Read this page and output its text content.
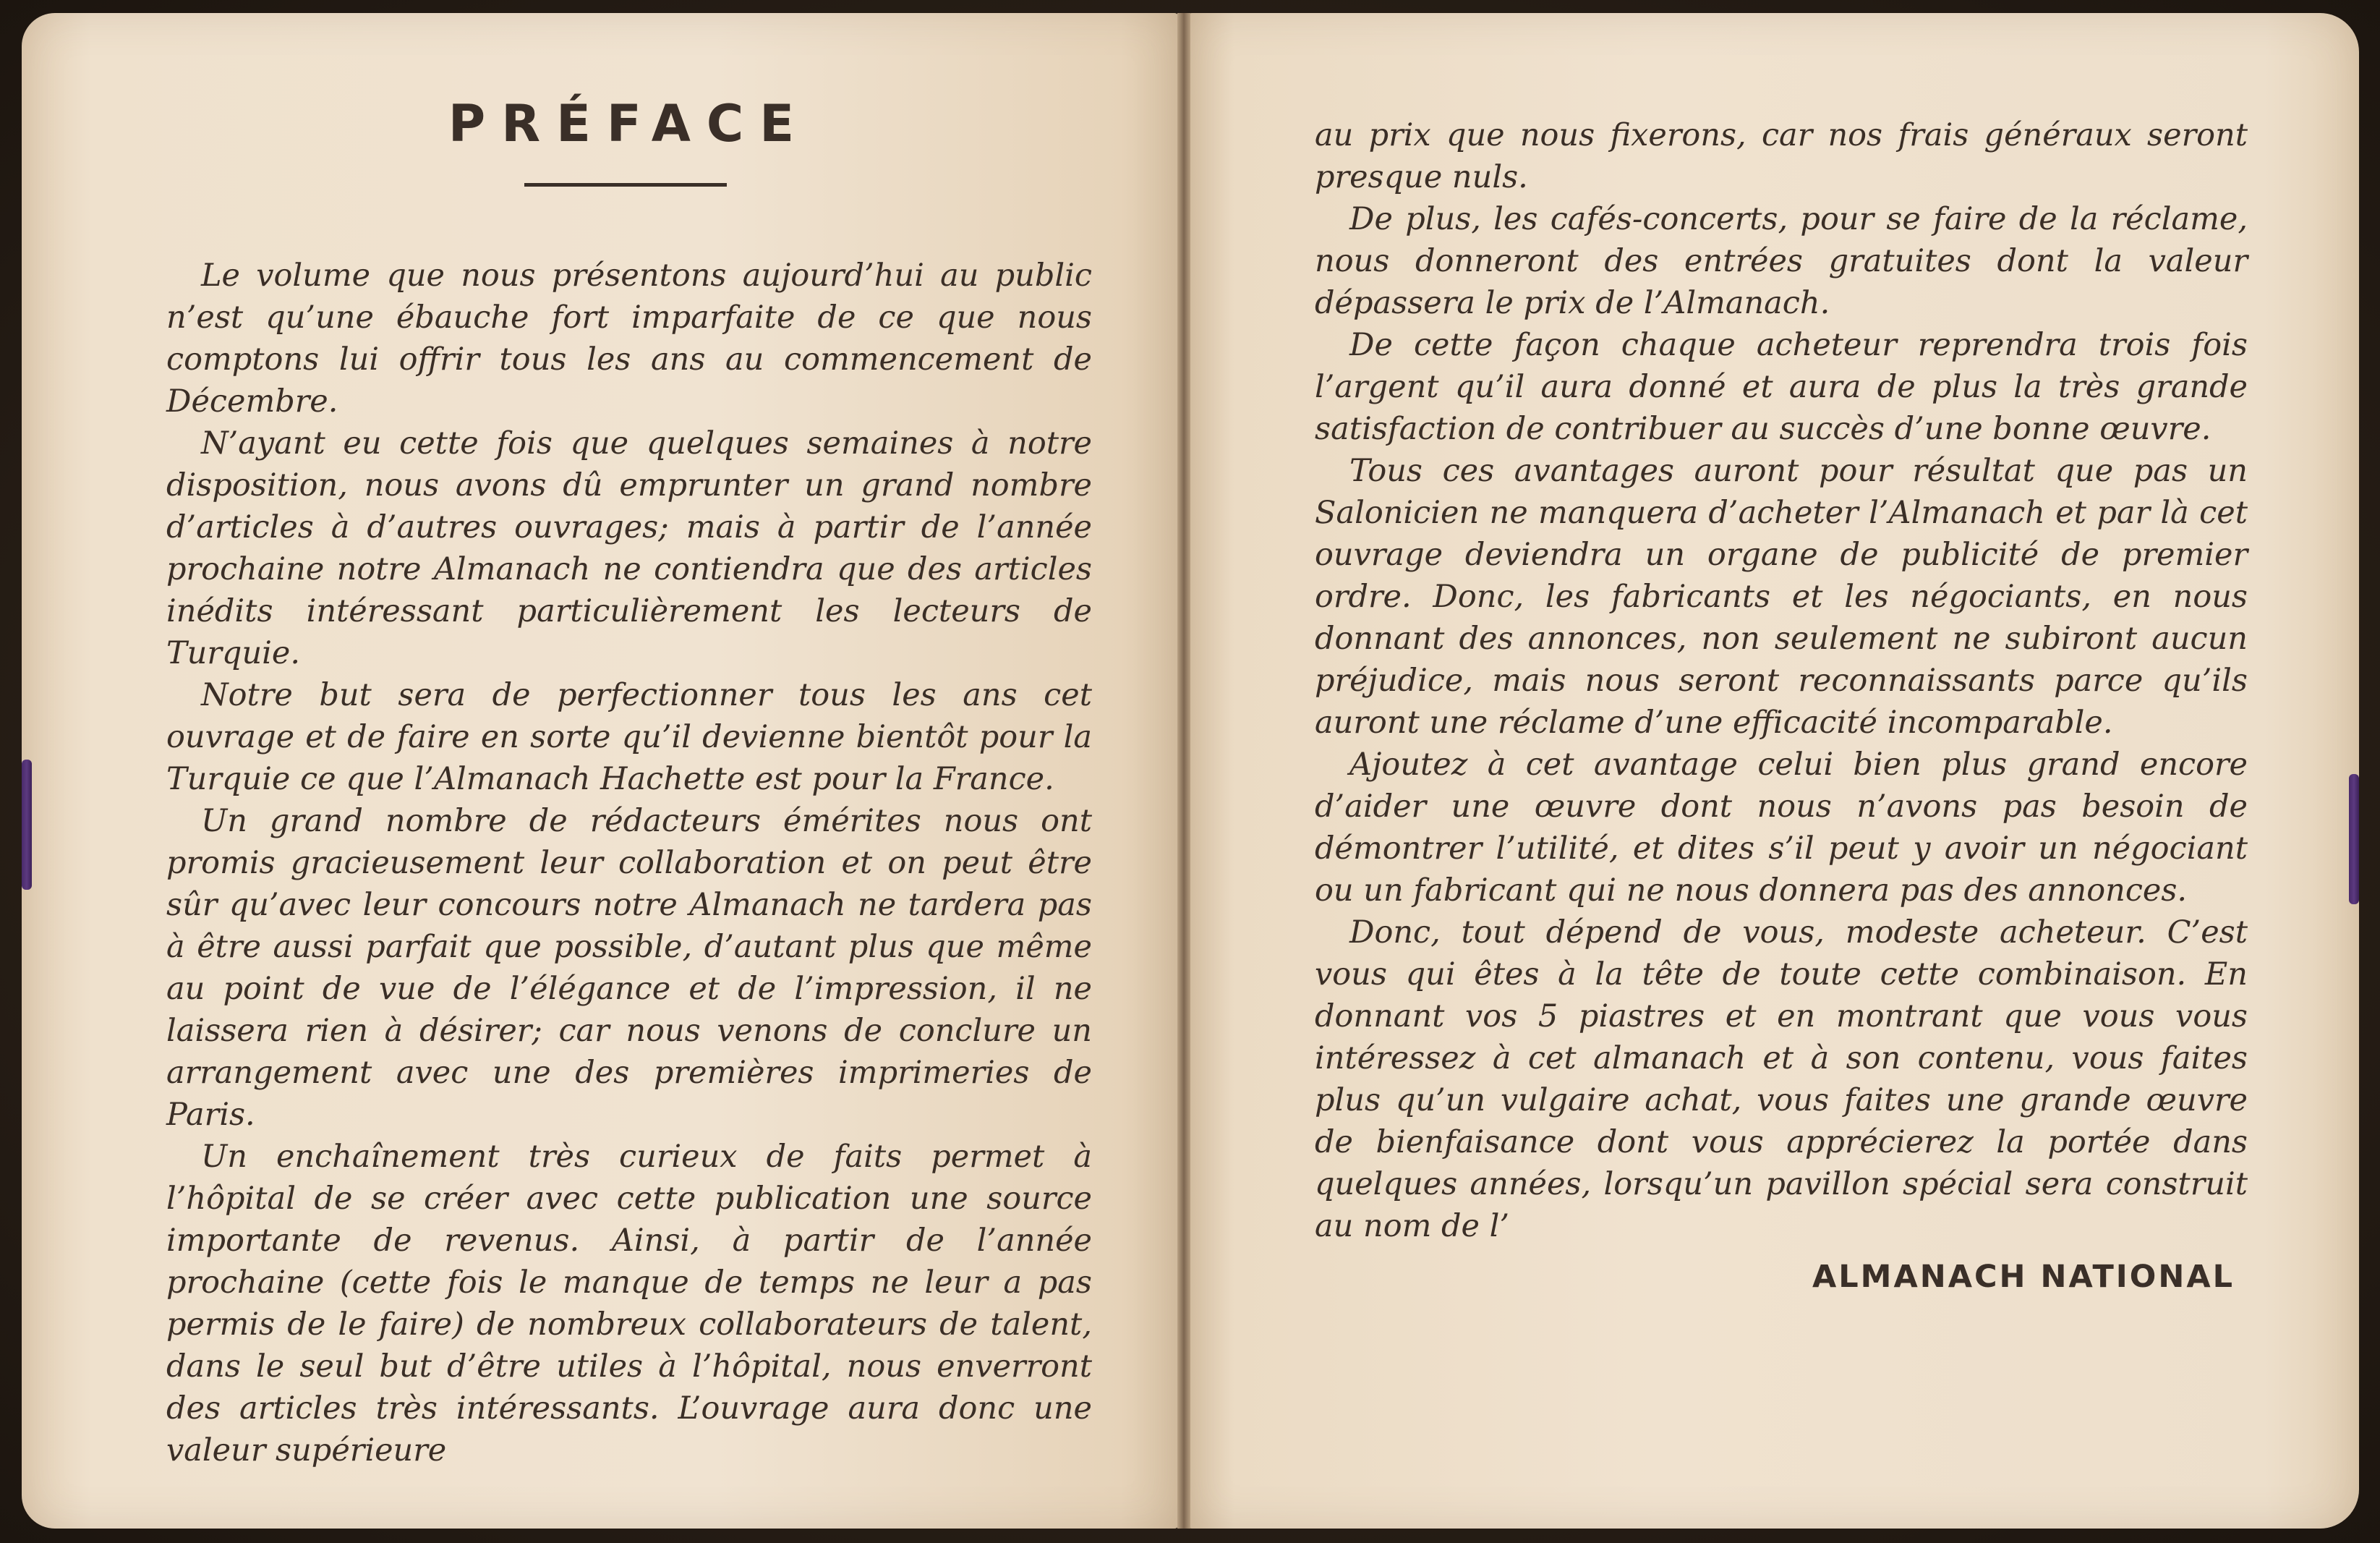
PRÉFACE

Le volume que nous présentons aujourd’hui au public n’est qu’une ébauche fort imparfaite de ce que nous comptons lui offrir tous les ans au commencement de Décembre.

N’ayant eu cette fois que quelques semaines à notre disposition, nous avons dû emprunter un grand nombre d’articles à d’autres ouvrages; mais à partir de l’année prochaine notre Almanach ne contiendra que des articles inédits intéressant particulièrement les lecteurs de Turquie.

Notre but sera de perfectionner tous les ans cet ouvrage et de faire en sorte qu’il devienne bientôt pour la Turquie ce que l’Almanach Hachette est pour la France.

Un grand nombre de rédacteurs émérites nous ont promis gracieusement leur collaboration et on peut être sûr qu’avec leur concours notre Almanach ne tardera pas à être aussi parfait que possible, d’autant plus que même au point de vue de l’élégance et de l’impression, il ne laissera rien à désirer; car nous venons de conclure un arrangement avec une des premières imprimeries de Paris.

Un enchaînement très curieux de faits permet à l’hôpital de se créer avec cette publication une source importante de revenus. Ainsi, à partir de l’année prochaine (cette fois le manque de temps ne leur a pas permis de le faire) de nombreux collaborateurs de talent, dans le seul but d’être utiles à l’hôpital, nous enverront des articles très intéressants. L’ouvrage aura donc une valeur supérieure

au prix que nous fixerons, car nos frais généraux seront presque nuls.

De plus, les cafés-concerts, pour se faire de la réclame, nous donneront des entrées gratuites dont la valeur dépassera le prix de l’Almanach.

De cette façon chaque acheteur reprendra trois fois l’argent qu’il aura donné et aura de plus la très grande satisfaction de contribuer au succès d’une bonne œuvre.

Tous ces avantages auront pour résultat que pas un Salonicien ne manquera d’acheter l’Almanach et par là cet ouvrage deviendra un organe de publicité de premier ordre. Donc, les fabricants et les négociants, en nous donnant des annonces, non seulement ne subiront aucun préjudice, mais nous seront reconnaissants parce qu’ils auront une réclame d’une efficacité incomparable.

Ajoutez à cet avantage celui bien plus grand encore d’aider une œuvre dont nous n’avons pas besoin de démontrer l’utilité, et dites s’il peut y avoir un négociant ou un fabricant qui ne nous donnera pas des annonces.

Donc, tout dépend de vous, modeste acheteur. C’est vous qui êtes à la tête de toute cette combinaison. En donnant vos 5 piastres et en montrant que vous vous intéressez à cet almanach et à son contenu, vous faites plus qu’un vulgaire achat, vous faites une grande œuvre de bienfaisance dont vous apprécierez la portée dans quelques années, lorsqu’un pavillon spécial sera construit au nom de l’

ALMANACH NATIONAL
